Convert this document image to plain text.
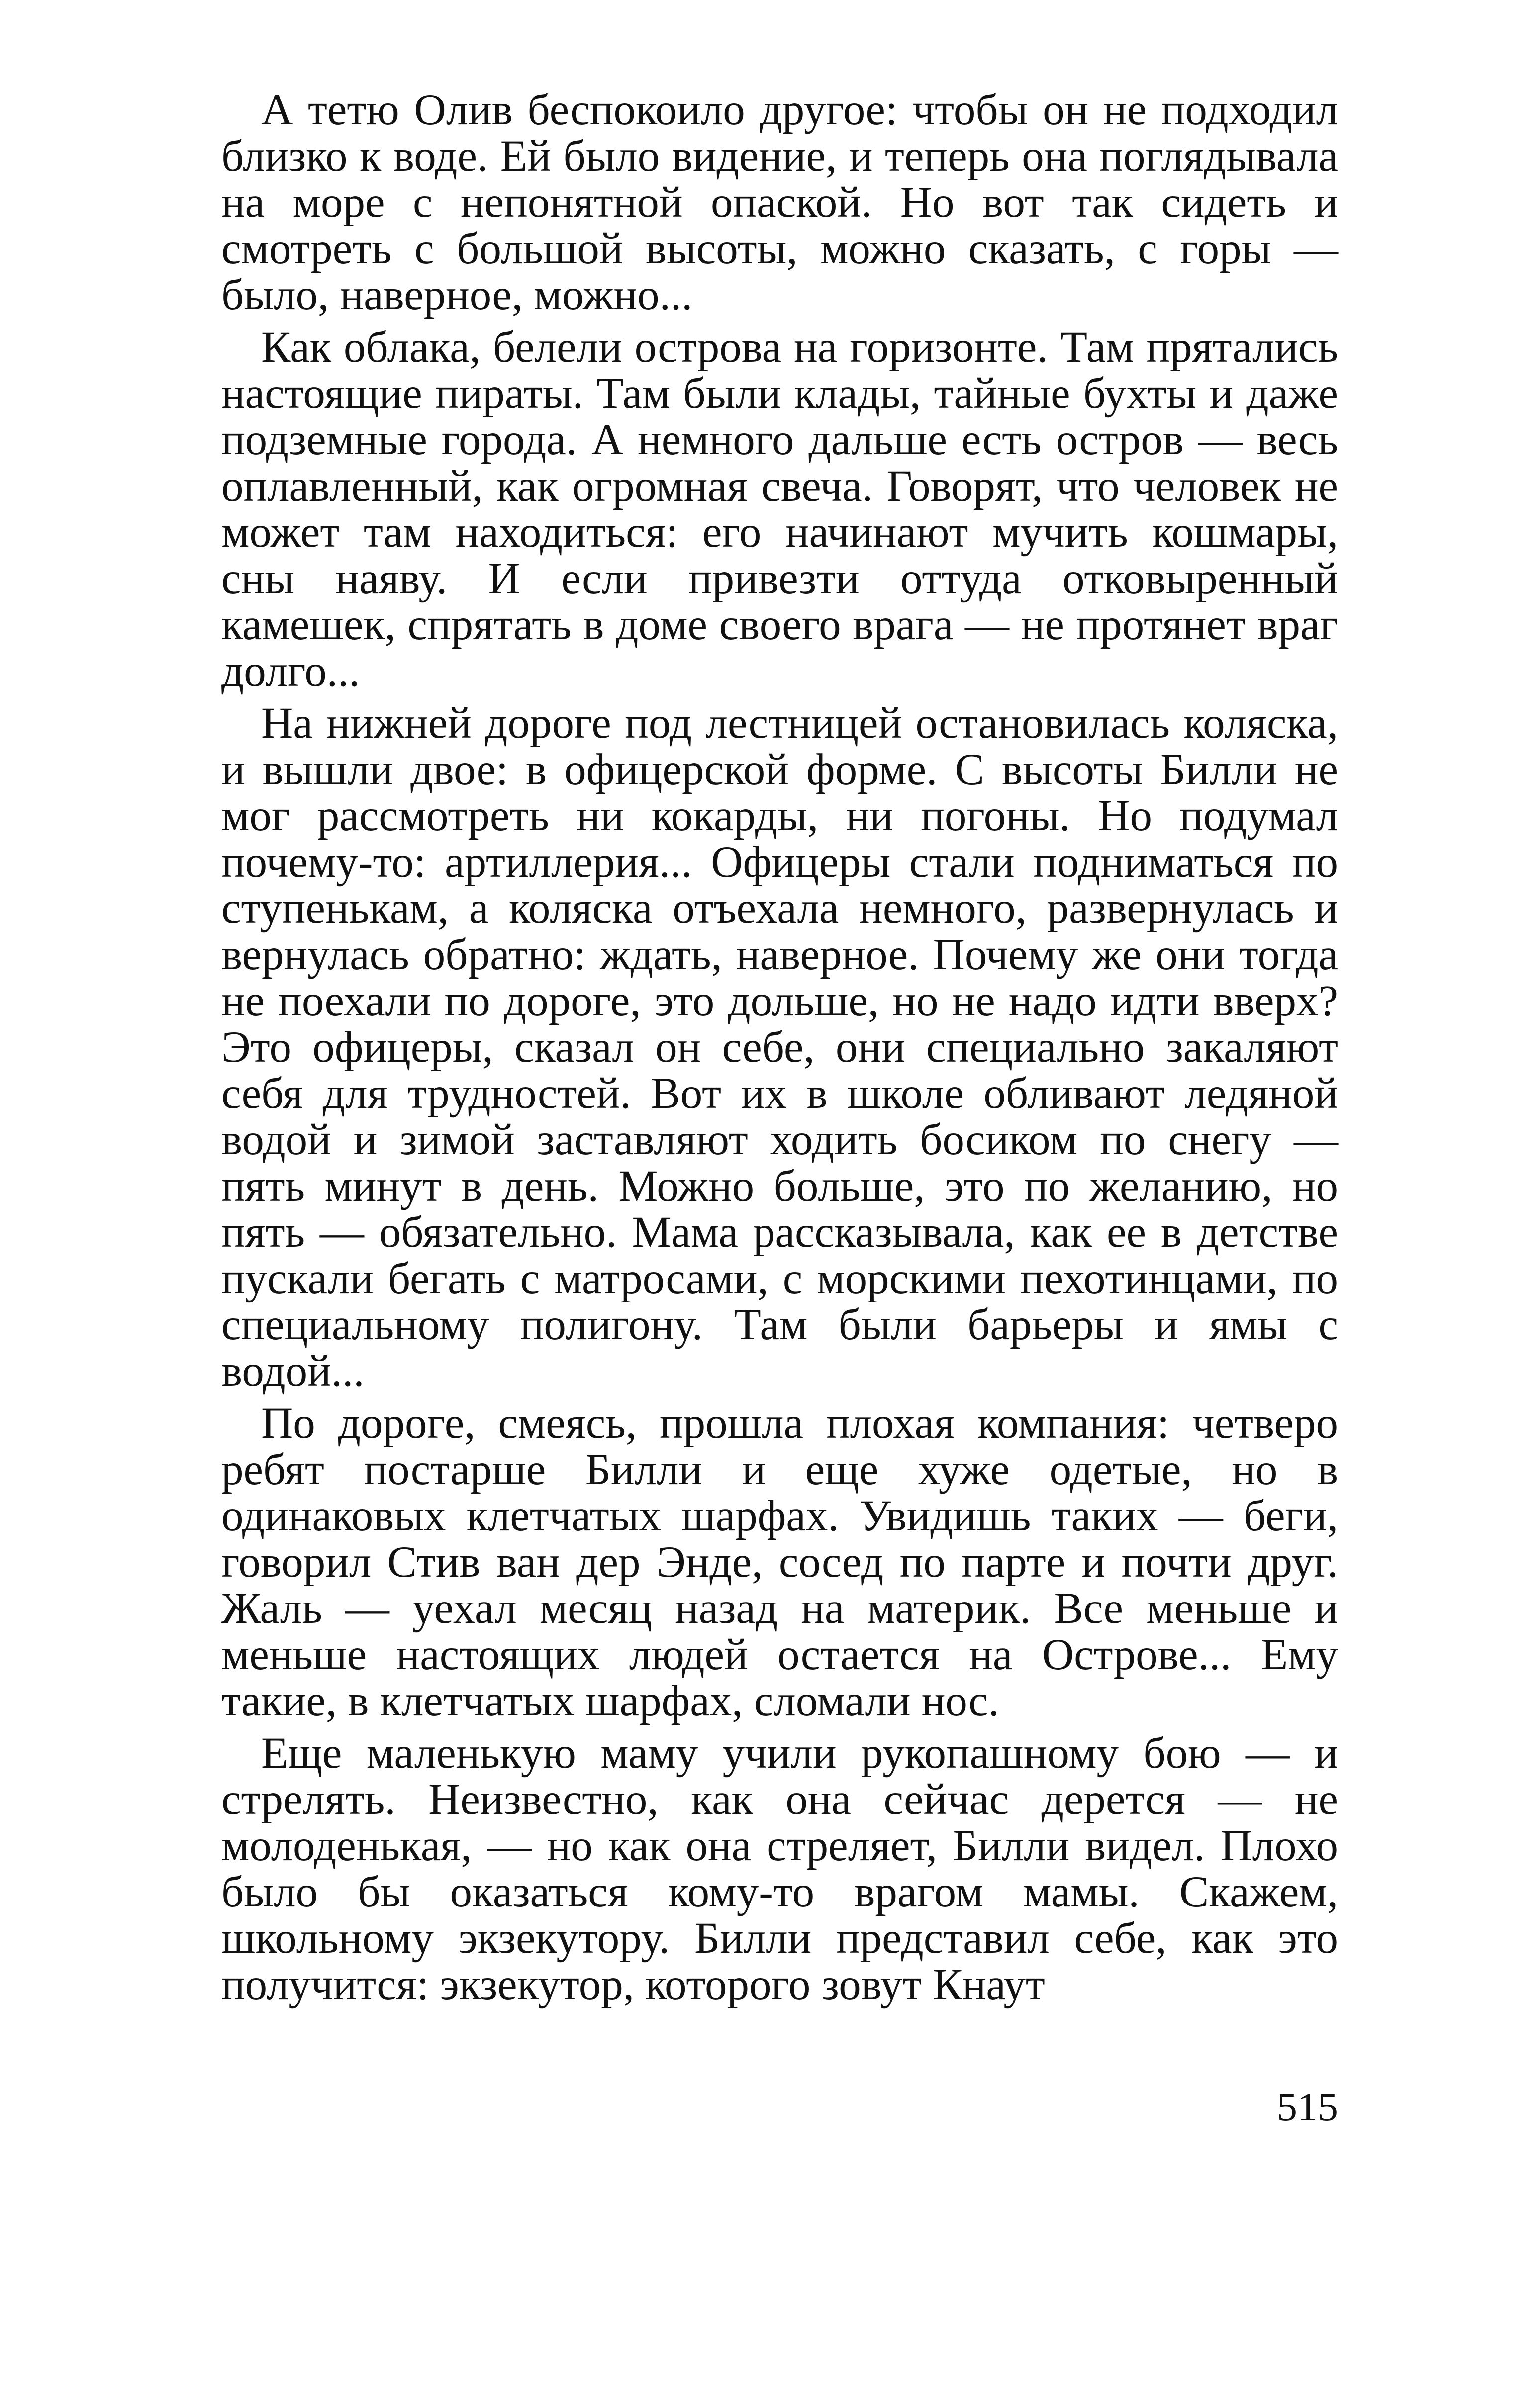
А тетю Олив беспокоило другое: чтобы он не подходил близко к воде. Ей было видение, и теперь она поглядывала на море с непонятной опаской. Но вот так сидеть и смотреть с большой высоты, можно сказать, с горы — было, наверное, можно...

Как облака, белели острова на горизонте. Там прятались настоящие пираты. Там были клады, тайные бухты и даже подземные города. А немного дальше есть остров — весь оплавленный, как огромная свеча. Говорят, что человек не может там находиться: его начинают мучить кошмары, сны наяву. И если привезти оттуда отковыренный камешек, спрятать в доме своего врага — не протянет враг долго...

На нижней дороге под лестницей остановилась коляска, и вышли двое: в офицерской форме. С высоты Билли не мог рассмотреть ни кокарды, ни погоны. Но подумал почему-то: артиллерия... Офицеры стали подниматься по ступенькам, а коляска отъехала немного, развернулась и вернулась обратно: ждать, наверное. Почему же они тогда не поехали по дороге, это дольше, но не надо идти вверх? Это офицеры, сказал он себе, они специально закаляют себя для трудностей. Вот их в школе обливают ледяной водой и зимой заставляют ходить босиком по снегу — пять минут в день. Можно больше, это по желанию, но пять — обязательно. Мама рассказывала, как ее в детстве пускали бегать с матросами, с морскими пехотинцами, по специальному полигону. Там были барьеры и ямы с водой...

По дороге, смеясь, прошла плохая компания: четверо ребят постарше Билли и еще хуже одетые, но в одинаковых клетчатых шарфах. Увидишь таких — беги, говорил Стив ван дер Энде, сосед по парте и почти друг. Жаль — уехал месяц назад на материк. Все меньше и меньше настоящих людей остается на Острове... Ему такие, в клетчатых шарфах, сломали нос.

Еще маленькую маму учили рукопашному бою — и стрелять. Неизвестно, как она сейчас дерется — не молоденькая, — но как она стреляет, Билли видел. Плохо было бы оказаться кому-то врагом мамы. Скажем, школьному экзекутору. Билли представил себе, как это получится: экзекутор, которого зовут Кнаут

515
